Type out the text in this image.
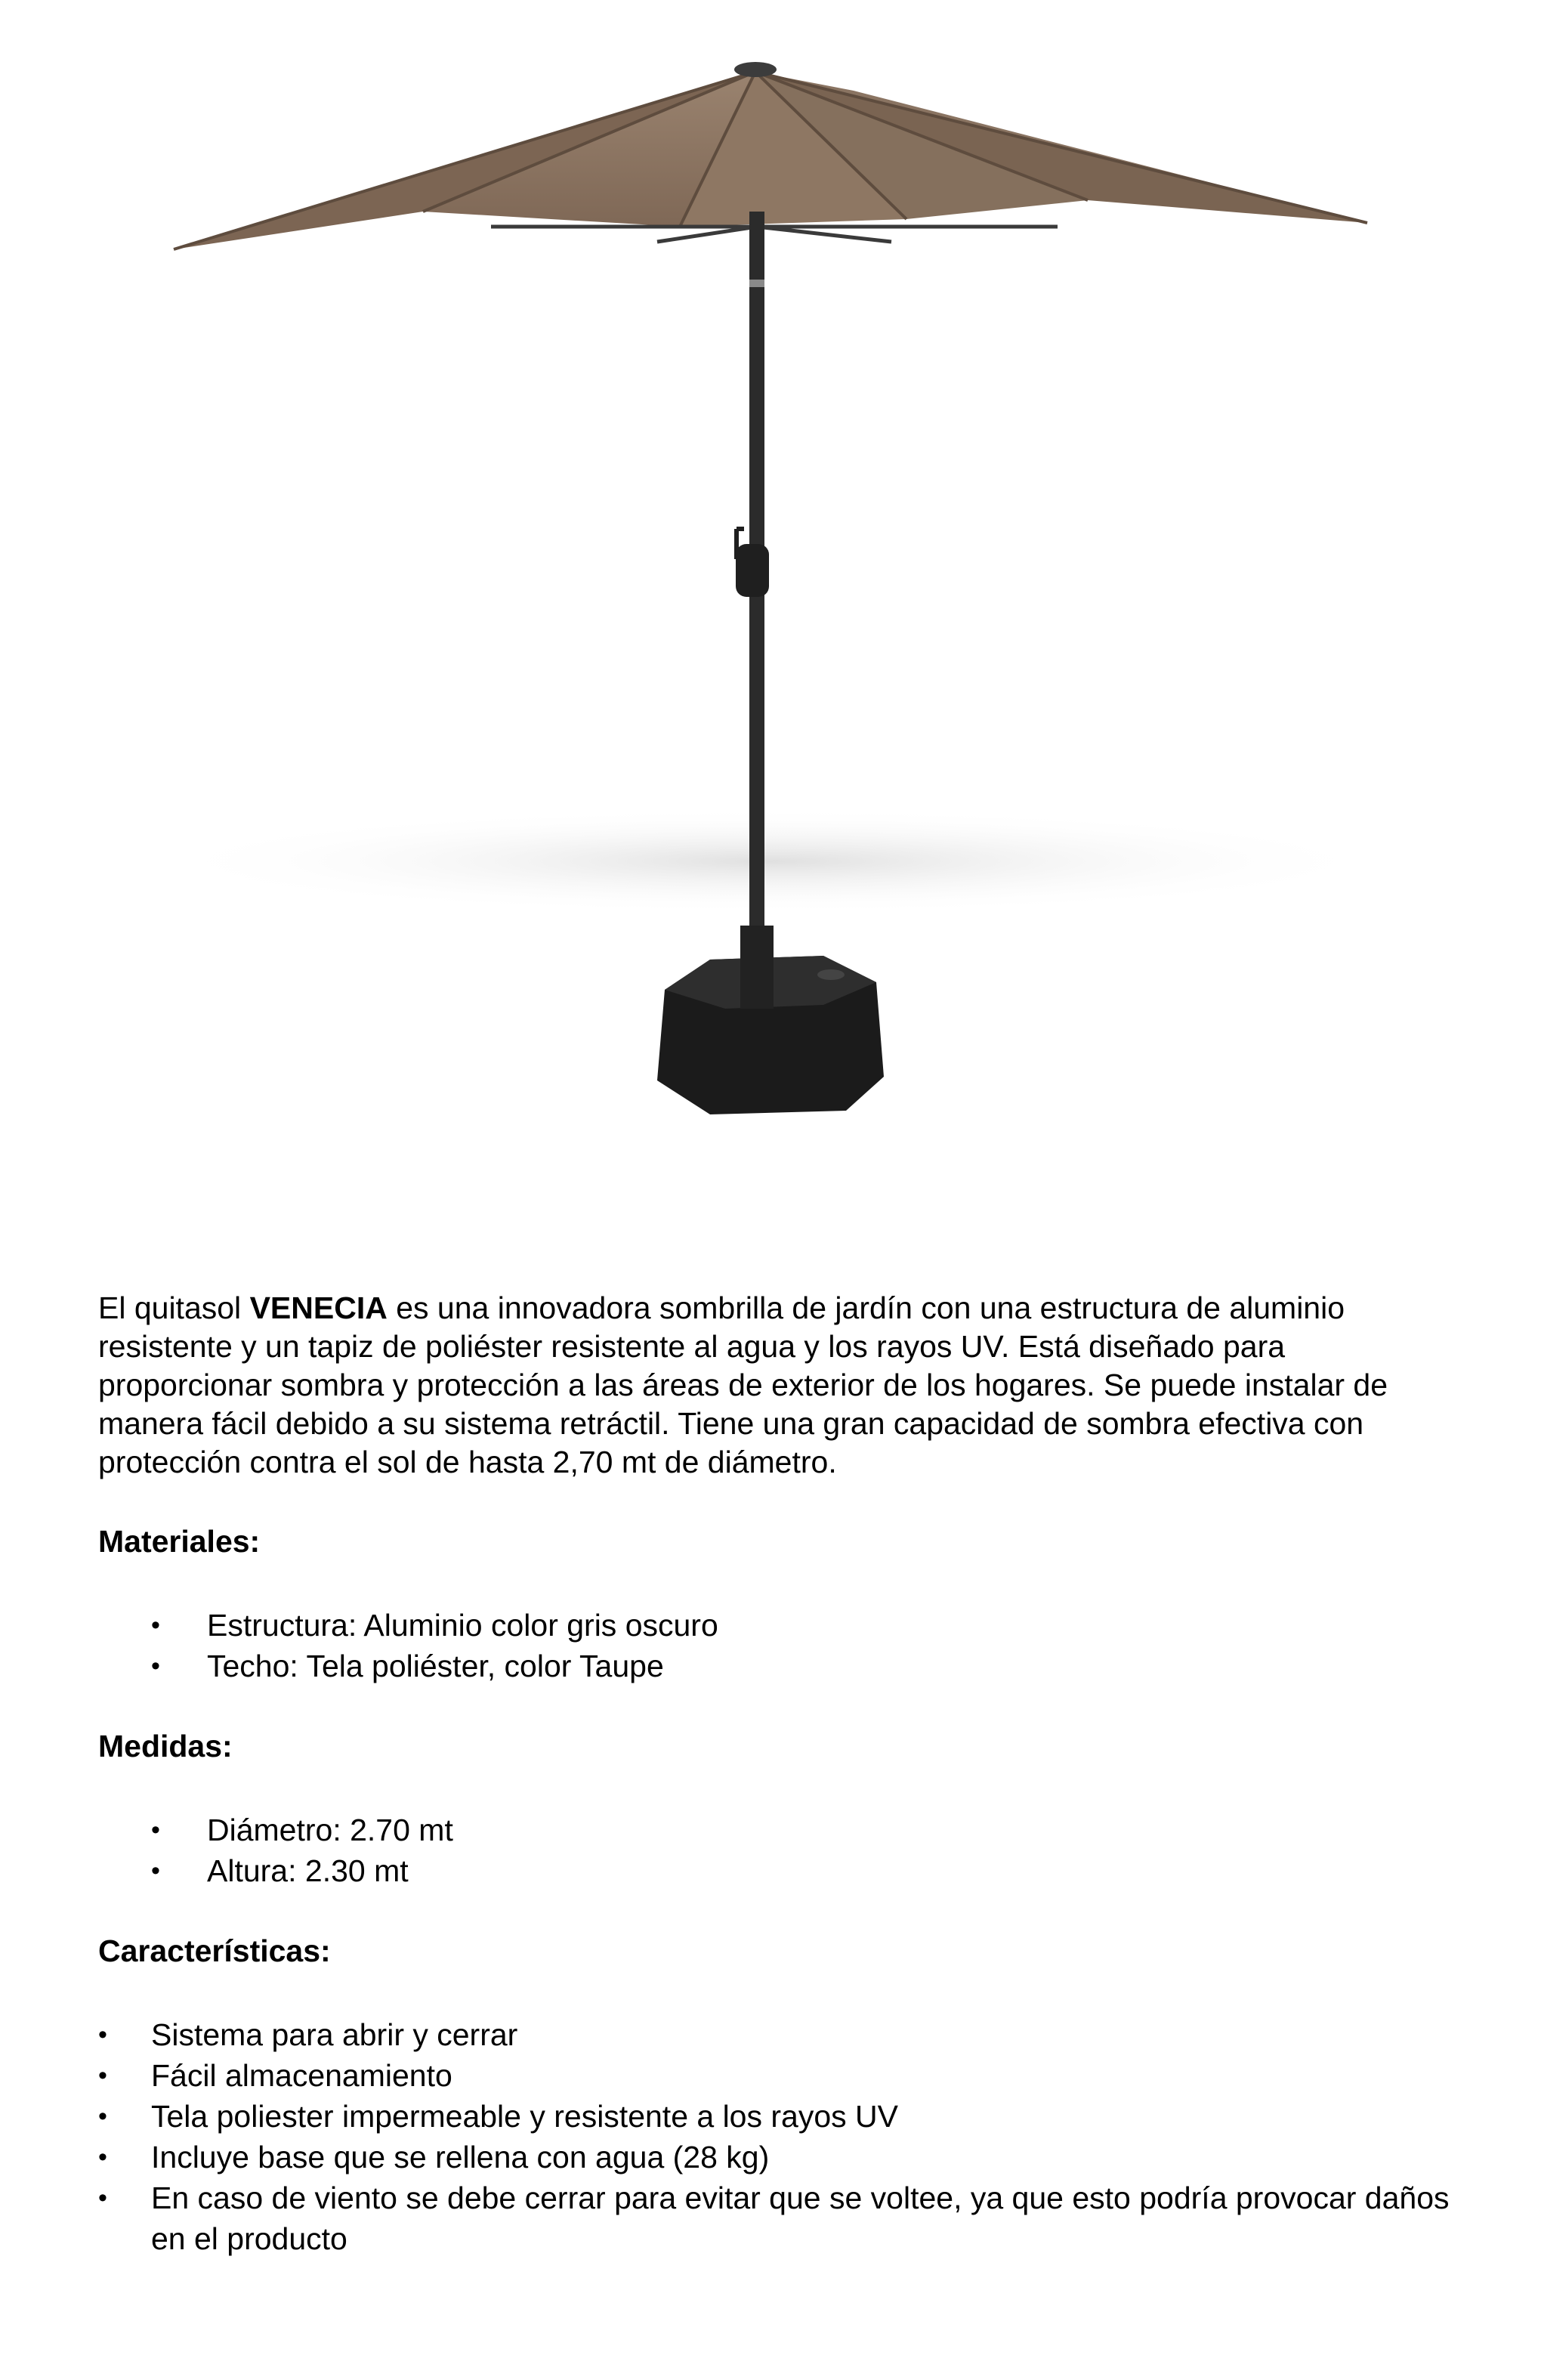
El quitasol VENECIA es una innovadora sombrilla de jardín con una estructura de aluminio resistente y un tapiz de poliéster resistente al agua y los rayos UV. Está diseñado para proporcionar sombra y protección a las áreas de exterior de los hogares. Se puede instalar de manera fácil debido a su sistema retráctil. Tiene una gran capacidad de sombra efectiva con protección contra el sol de hasta 2,70 mt de diámetro.

Materiales:

• Estructura: Aluminio color gris oscuro
• Techo: Tela poliéster, color Taupe

Medidas:

• Diámetro: 2.70 mt
• Altura: 2.30 mt

Características:

• Sistema para abrir y cerrar
• Fácil almacenamiento
• Tela poliester impermeable y resistente a los rayos UV
• Incluye base que se rellena con agua (28 kg)
• En caso de viento se debe cerrar para evitar que se voltee, ya que esto podría provocar daños en el producto
